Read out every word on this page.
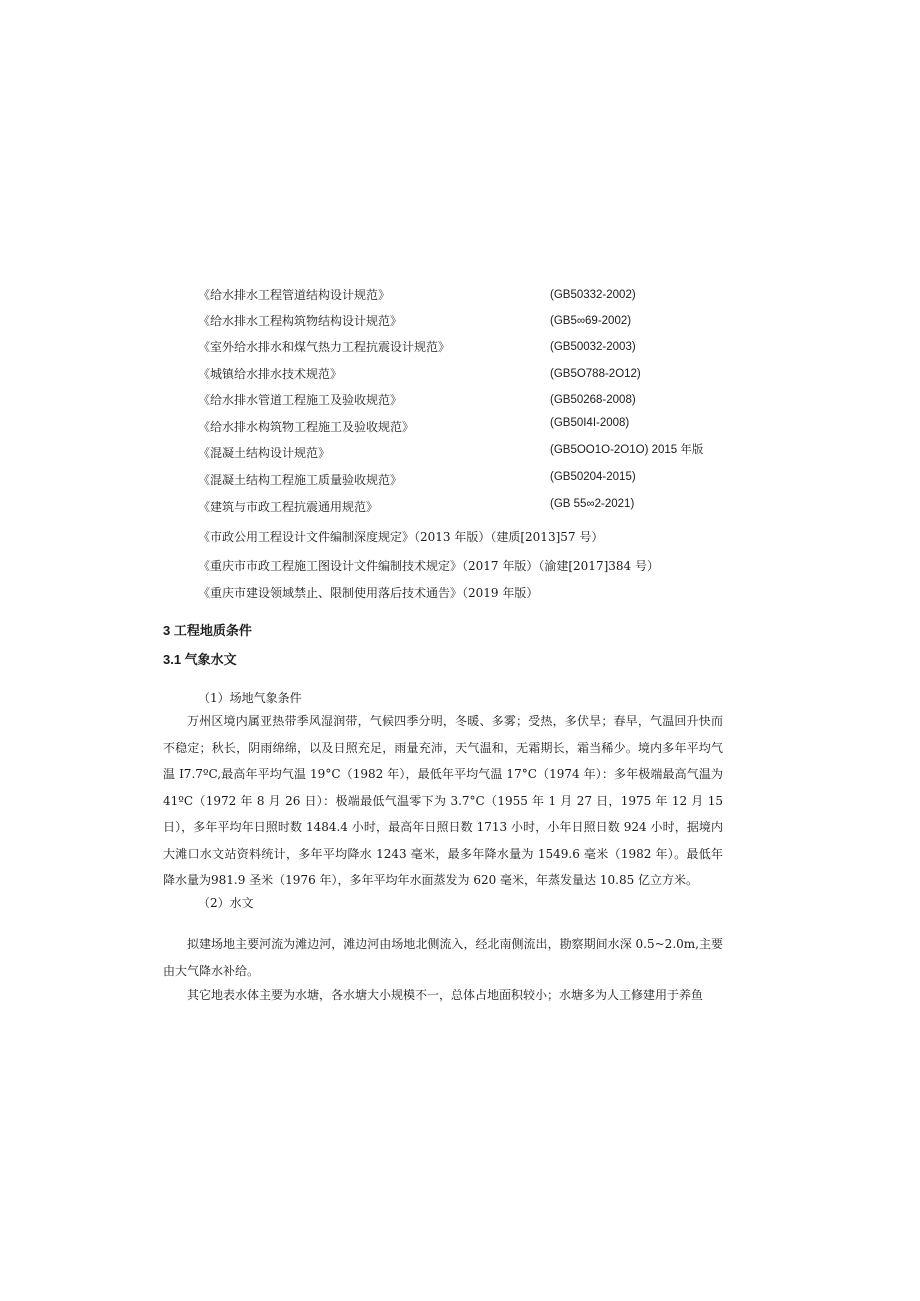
《给水排水工程管道结构设计规范》	(GB50332-2002)
《给水排水工程构筑物结构设计规范》	(GB5∞69-2002)
《室外给水排水和煤气热力工程抗震设计规范》	(GB50032-2003)
《城镇给水排水技术规范》	(GB5O788-2O12)
《给水排水管道工程施工及验收规范》	(GB50268-2008)
《给水排水构筑物工程施工及验收规范》	(GB50I4I-2008)
《混凝土结构设计规范》	(GB5OO1O-2O1O) 2015 年版
《混凝土结构工程施工质量验收规范》	(GB50204-2015)
《建筑与市政工程抗震通用规范》	(GB 55∞2-2021)
《市政公用工程设计文件编制深度规定》（2013 年版）（建质[2013]57 号）
《重庆市市政工程施工图设计文件编制技术规定》（2017 年版）（渝建[2017]384 号）
《重庆市建设领域禁止、限制使用落后技术通告》（2019 年版）
3 工程地质条件
3.1 气象水文
（1）场地气象条件

万州区境内属亚热带季风湿润带，气候四季分明，冬暖、多雾；受热，多伏旱；春早，气温回升快而不稳定；秋长，阴雨绵绵，以及日照充足，雨量充沛，天气温和，无霜期长，霜当稀少。境内多年平均气温 I7.7ºC,最高年平均气温 19°C（1982 年），最低年平均气温 17°C（1974 年）：多年极端最高气温为 41ºC（1972 年 8 月 26 日）：极端最低气温零下为 3.7°C（1955 年 1 月 27 日，1975 年 12 月 15 日），多年平均年日照时数 1484.4 小时，最高年日照日数 1713 小时，小年日照日数 924 小时，据境内大滩口水文站资料统计，多年平均降水 1243 毫米，最多年降水量为 1549.6 毫米（1982 年）。最低年降水量为981.9 圣米（1976 年），多年平均年水面蒸发为 620 毫米，年蒸发量达 10.85 亿立方米。

（2）水文

拟建场地主要河流为滩边河，滩边河由场地北侧流入，经北南侧流出，勘察期间水深 0.5~2.0m,主要由大气降水补给。

其它地表水体主要为水塘，各水塘大小规模不一，总体占地面积较小；水塘多为人工修建用于养鱼
